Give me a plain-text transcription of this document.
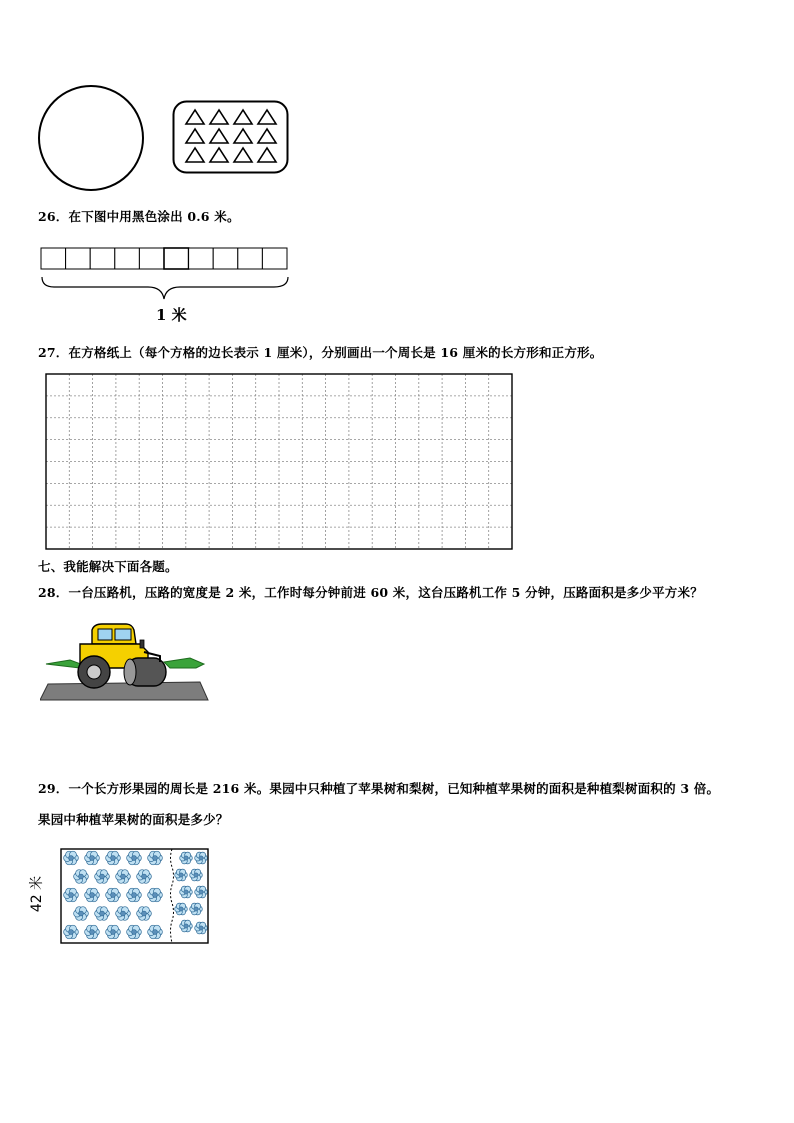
26．在下图中用黑色涂出 0.6 米。
1 米
27．在方格纸上（每个方格的边长表示 1 厘米），分别画出一个周长是 16 厘米的长方形和正方形。
七、我能解决下面各题。
28．一台压路机，压路的宽度是 2 米，工作时每分钟前进 60 米，这台压路机工作 5 分钟，压路面积是多少平方米？
29．一个长方形果园的周长是 216 米。果园中只种植了苹果树和梨树，已知种植苹果树的面积是种植梨树面积的 3 倍。
果园中种植苹果树的面积是多少？
42 米
